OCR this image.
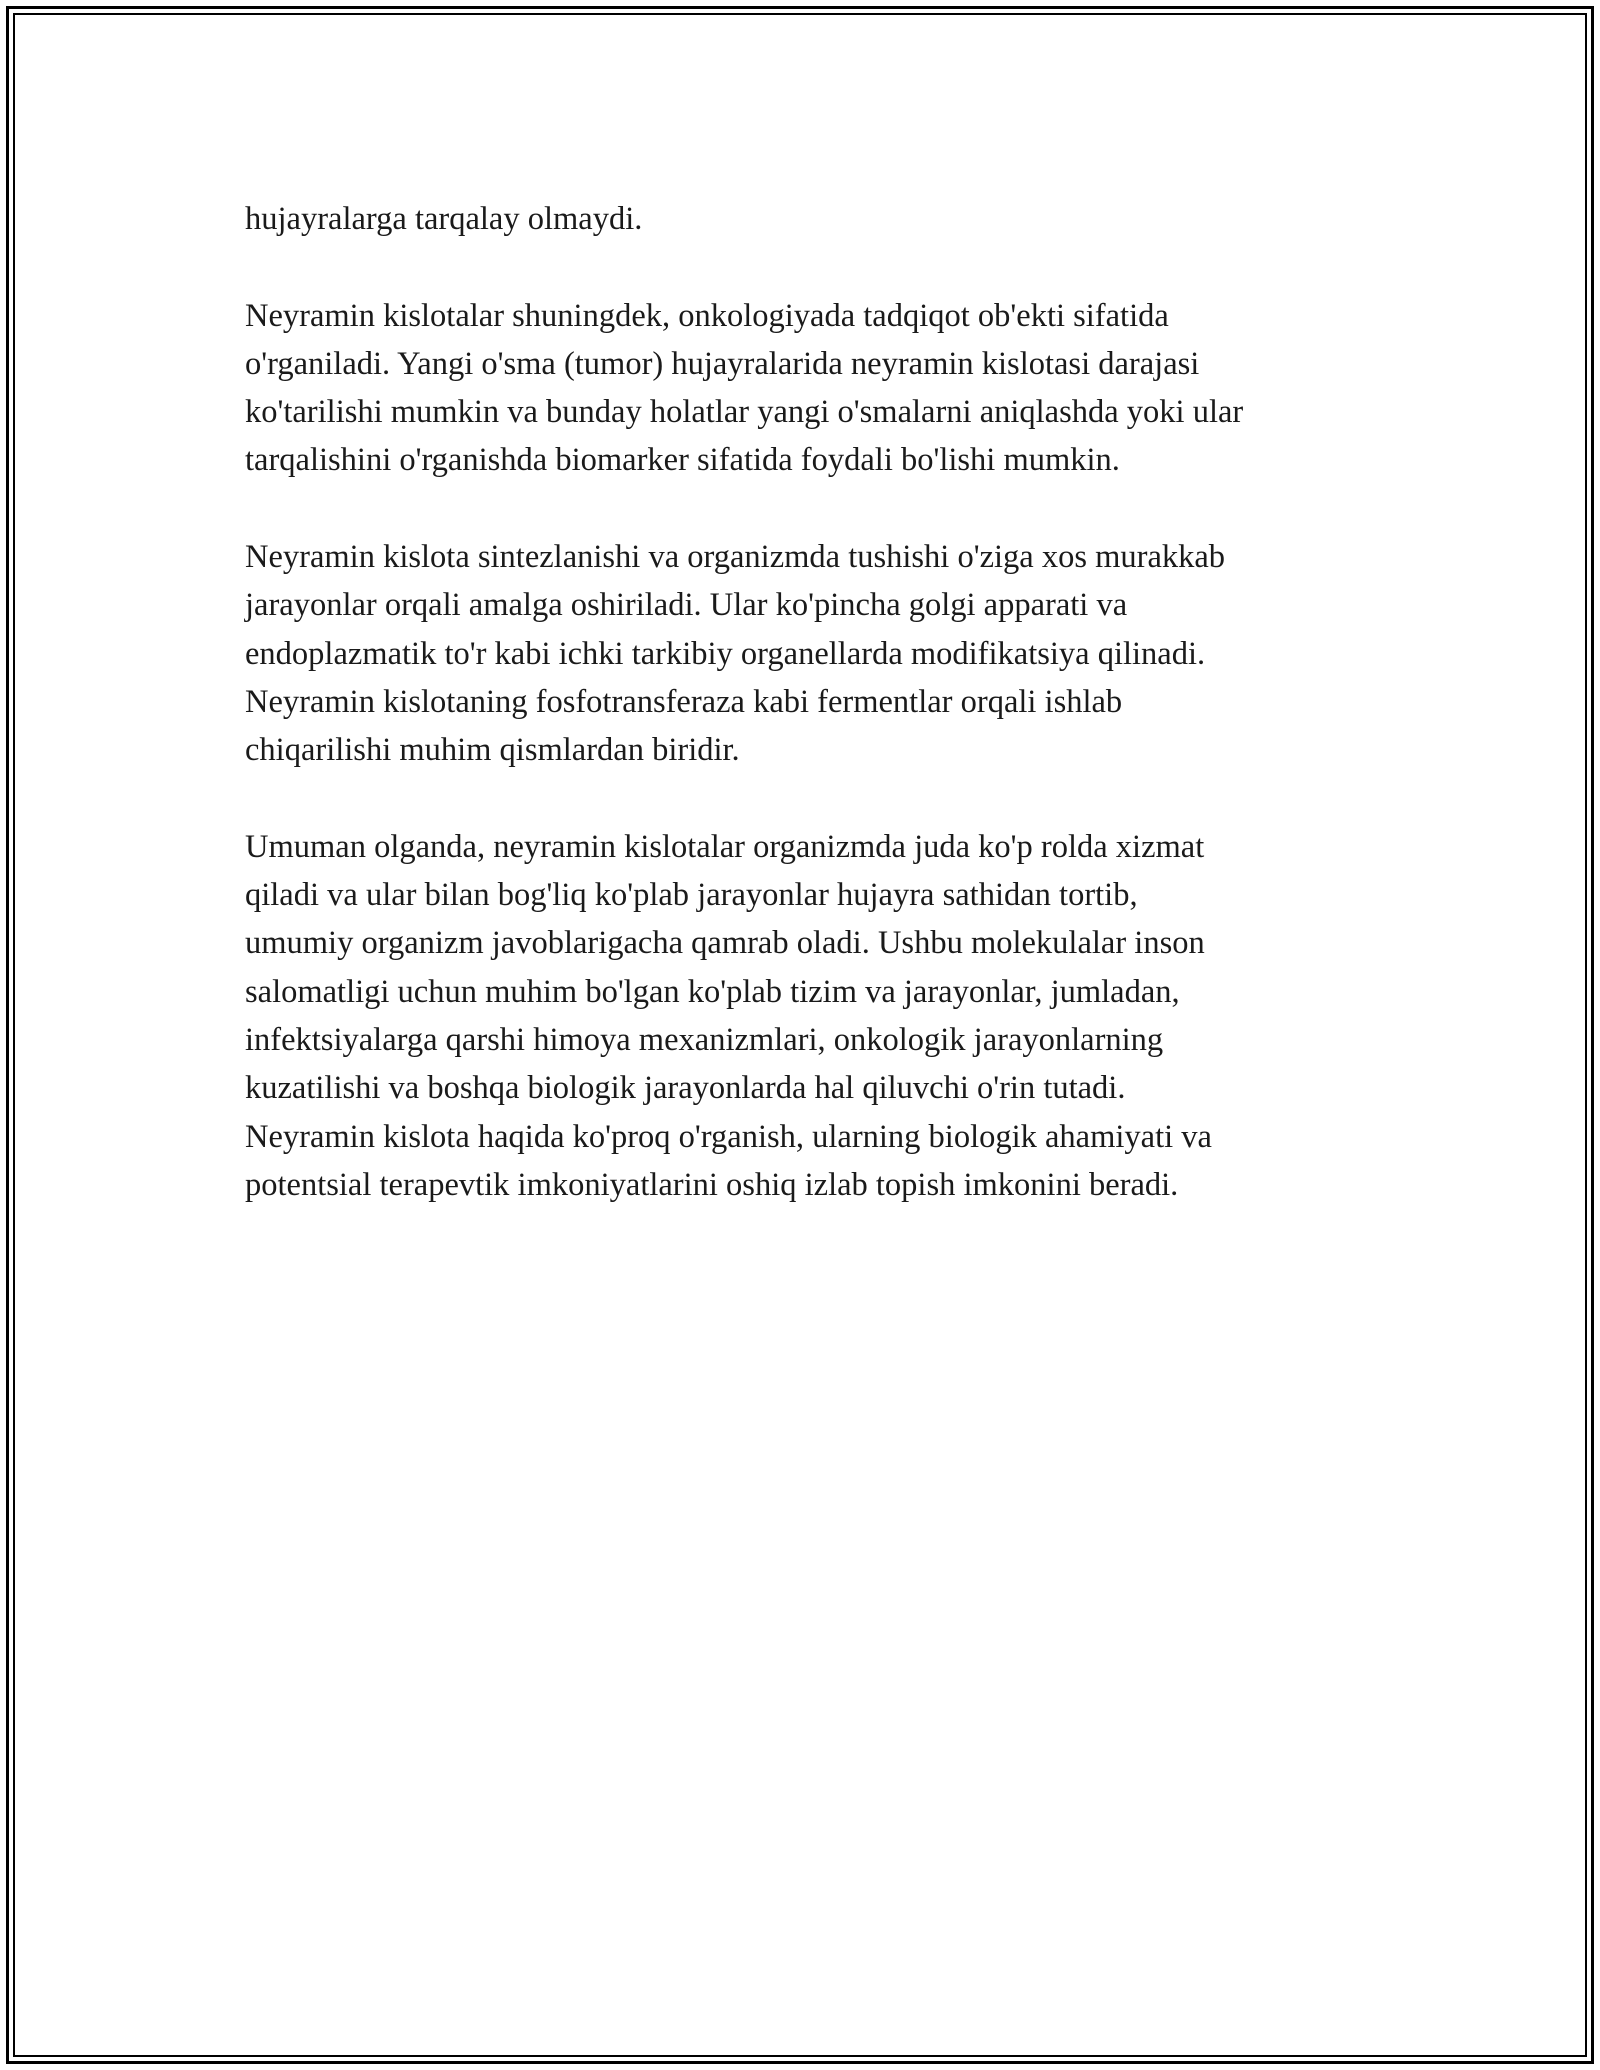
hujayralarga tarqalay olmaydi.

Neyramin kislotalar shuningdek, onkologiyada tadqiqot ob'ekti sifatida
o'rganiladi. Yangi o'sma (tumor) hujayralarida neyramin kislotasi darajasi
ko'tarilishi mumkin va bunday holatlar yangi o'smalarni aniqlashda yoki ular
tarqalishini o'rganishda biomarker sifatida foydali bo'lishi mumkin.

Neyramin kislota sintezlanishi va organizmda tushishi o'ziga xos murakkab
jarayonlar orqali amalga oshiriladi. Ular ko'pincha golgi apparati va
endoplazmatik to'r kabi ichki tarkibiy organellarda modifikatsiya qilinadi.
Neyramin kislotaning fosfotransferaza kabi fermentlar orqali ishlab
chiqarilishi muhim qismlardan biridir.

Umuman olganda, neyramin kislotalar organizmda juda ko'p rolda xizmat
qiladi va ular bilan bog'liq ko'plab jarayonlar hujayra sathidan tortib,
umumiy organizm javoblarigacha qamrab oladi. Ushbu molekulalar inson
salomatligi uchun muhim bo'lgan ko'plab tizim va jarayonlar, jumladan,
infektsiyalarga qarshi himoya mexanizmlari, onkologik jarayonlarning
kuzatilishi va boshqa biologik jarayonlarda hal qiluvchi o'rin tutadi.
Neyramin kislota haqida ko'proq o'rganish, ularning biologik ahamiyati va
potentsial terapevtik imkoniyatlarini oshiq izlab topish imkonini beradi.
